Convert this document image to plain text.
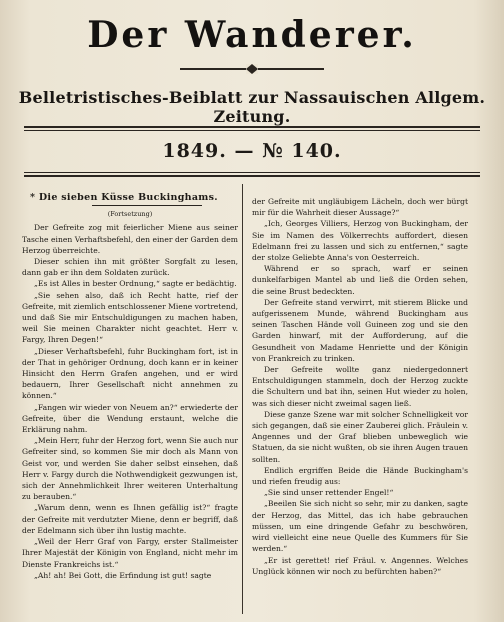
Der Wanderer.
Belletristisches-Beiblatt zur Nassauischen Allgem. Zeitung.
1849. — № 140.
* Die sieben Küsse Buckinghams.
(Fortsetzung)

Der Gefreite zog mit feierlicher Miene aus seiner Tasche einen Verhaftsbefehl, den einer der Garden dem Herzog überreichte.

Dieser schien ihn mit größter Sorgfalt zu lesen, dann gab er ihn dem Soldaten zurück.

„Es ist Alles in bester Ordnung,“ sagte er bedächtig.

„Sie sehen also, daß ich Recht hatte, rief der Gefreite, mit ziemlich entschlossener Miene vortretend, und daß Sie mir Entschuldigungen zu machen haben, weil Sie meinen Charakter nicht geachtet. Herr v. Fargy, Ihren Degen!“

„Dieser Verhaftsbefehl, fuhr Buckingham fort, ist in der That in gehöriger Ordnung, doch kann er in keiner Hinsicht den Herrn Grafen angehen, und er wird bedauern, Ihrer Gesellschaft nicht annehmen zu können.“

„Fangen wir wieder von Neuem an?“ erwiederte der Gefreite, über die Wendung erstaunt, welche die Erklärung nahm.

„Mein Herr, fuhr der Herzog fort, wenn Sie auch nur Gefreiter sind, so kommen Sie mir doch als Mann von Geist vor, und werden Sie daher selbst einsehen, daß Herr v. Fargy durch die Nothwendigkeit gezwungen ist, sich der Annehmlichkeit Ihrer weiteren Unterhaltung zu berauben.“

„Warum denn, wenn es Ihnen gefällig ist?“ fragte der Gefreite mit verdutzter Miene, denn er begriff, daß der Edelmann sich über ihn lustig machte.

„Weil der Herr Graf von Fargy, erster Stallmeister Ihrer Majestät der Königin von England, nicht mehr im Dienste Frankreichs ist.“

„Ah! ah! Bei Gott, die Erfindung ist gut! sagte

der Gefreite mit ungläubigem Lächeln, doch wer bürgt mir für die Wahrheit dieser Aussage?“

„Ich, Georges Villiers, Herzog von Buckingham, der Sie im Namen des Völkerrechts auffordert, diesen Edelmann frei zu lassen und sich zu entfernen,“ sagte der stolze Geliebte Anna's von Oesterreich.

Während er so sprach, warf er seinen dunkelfarbigen Mantel ab und ließ die Orden sehen, die seine Brust bedeckten.

Der Gefreite stand verwirrt, mit stierem Blicke und aufgerissenem Munde, während Buckingham aus seinen Taschen Hände voll Guineen zog und sie den Garden hinwarf, mit der Aufforderung, auf die Gesundheit von Madame Henriette und der Königin von Frankreich zu trinken.

Der Gefreite wollte ganz niedergedonnert Entschuldigungen stammeln, doch der Herzog zuckte die Schultern und bat ihn, seinen Hut wieder zu holen, was sich dieser nicht zweimal sagen ließ.

Diese ganze Szene war mit solcher Schnelligkeit vor sich gegangen, daß sie einer Zauberei glich. Fräulein v. Angennes und der Graf blieben unbeweglich wie Statuen, da sie nicht wußten, ob sie ihren Augen trauen sollten.

Endlich ergriffen Beide die Hände Buckingham's und riefen freudig aus:

„Sie sind unser rettender Engel!“

„Beeilen Sie sich nicht so sehr, mir zu danken, sagte der Herzog, das Mittel, das ich habe gebrauchen müssen, um eine dringende Gefahr zu beschwören, wird vielleicht eine neue Quelle des Kummers für Sie werden.“

„Er ist gerettet! rief Fräul. v. Angennes. Welches Unglück können wir noch zu befürchten haben?“
